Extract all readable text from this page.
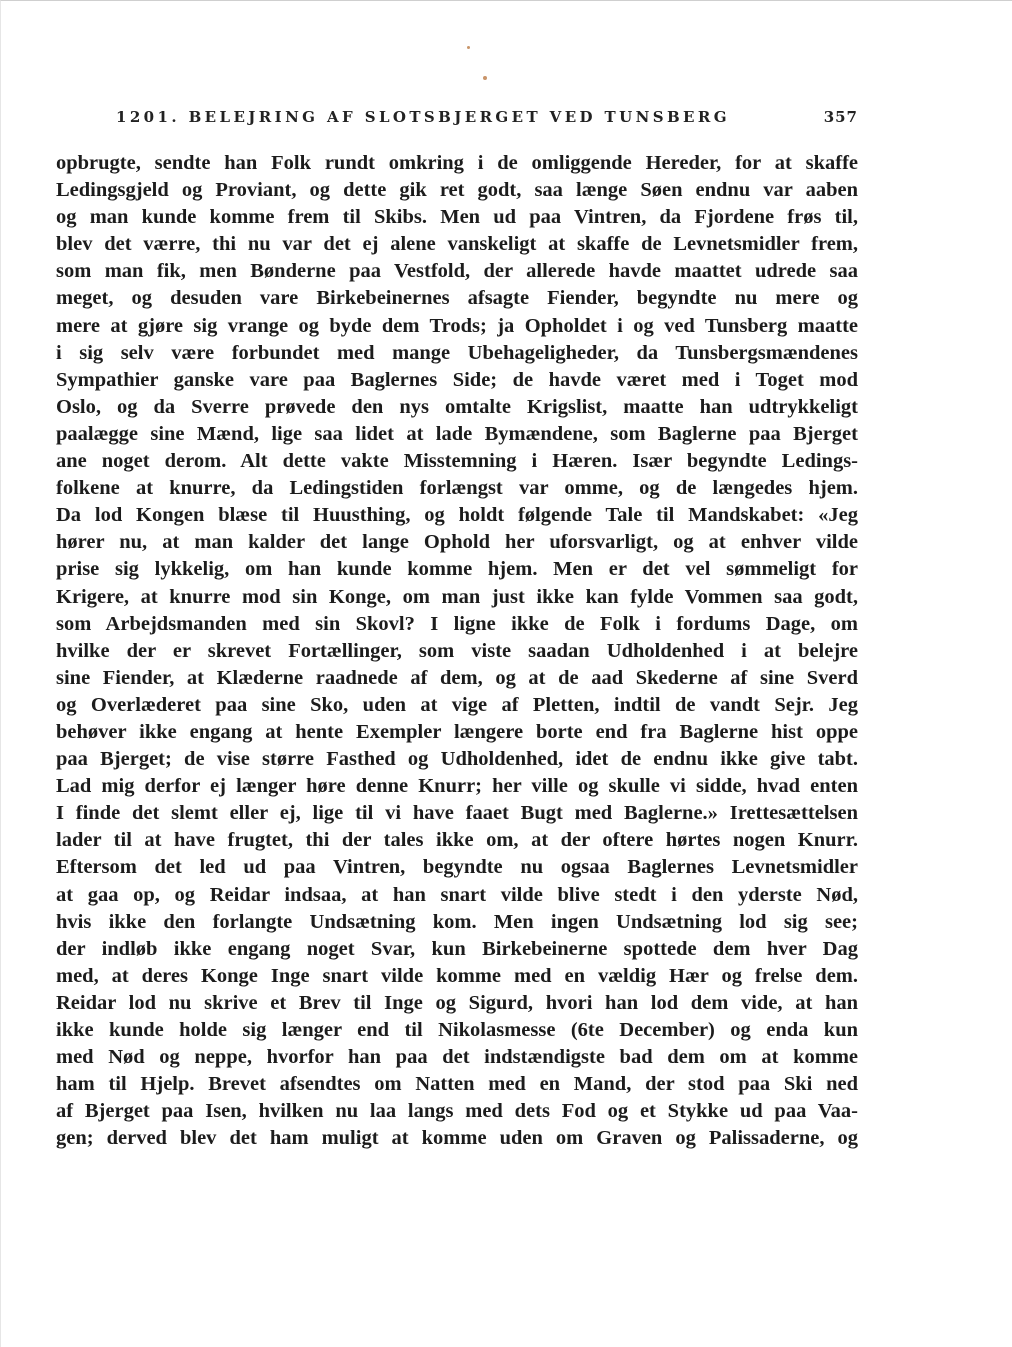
1201. BELEJRING AF SLOTSBJERGET VED TUNSBERG	357
opbrugte, sendte han Folk rundt omkring i de omliggende Hereder, for at skaffe
Ledingsgjeld og Proviant, og dette gik ret godt, saa længe Søen endnu var aaben
og man kunde komme frem til Skibs. Men ud paa Vintren, da Fjordene frøs til,
blev det værre, thi nu var det ej alene vanskeligt at skaffe de Levnetsmidler frem,
som man fik, men Bønderne paa Vestfold, der allerede havde maattet udrede saa
meget, og desuden vare Birkebeinernes afsagte Fiender, begyndte nu mere og
mere at gjøre sig vrange og byde dem Trods; ja Opholdet i og ved Tunsberg maatte
i sig selv være forbundet med mange Ubehageligheder, da Tunsbergsmændenes
Sympathier ganske vare paa Baglernes Side; de havde været med i Toget mod
Oslo, og da Sverre prøvede den nys omtalte Krigslist, maatte han udtrykkeligt
paalægge sine Mænd, lige saa lidet at lade Bymændene, som Baglerne paa Bjerget
ane noget derom. Alt dette vakte Misstemning i Hæren. Især begyndte Ledings-
folkene at knurre, da Ledingstiden forlængst var omme, og de længedes hjem.
Da lod Kongen blæse til Huusthing, og holdt følgende Tale til Mandskabet: «Jeg
hører nu, at man kalder det lange Ophold her uforsvarligt, og at enhver vilde
prise sig lykkelig, om han kunde komme hjem. Men er det vel sømmeligt for
Krigere, at knurre mod sin Konge, om man just ikke kan fylde Vommen saa godt,
som Arbejdsmanden med sin Skovl? I ligne ikke de Folk i fordums Dage, om
hvilke der er skrevet Fortællinger, som viste saadan Udholdenhed i at belejre
sine Fiender, at Klæderne raadnede af dem, og at de aad Skederne af sine Sverd
og Overlæderet paa sine Sko, uden at vige af Pletten, indtil de vandt Sejr. Jeg
behøver ikke engang at hente Exempler længere borte end fra Baglerne hist oppe
paa Bjerget; de vise større Fasthed og Udholdenhed, idet de endnu ikke give tabt.
Lad mig derfor ej længer høre denne Knurr; her ville og skulle vi sidde, hvad enten
I finde det slemt eller ej, lige til vi have faaet Bugt med Baglerne.» Irettesættelsen
lader til at have frugtet, thi der tales ikke om, at der oftere hørtes nogen Knurr.
Eftersom det led ud paa Vintren, begyndte nu ogsaa Baglernes Levnetsmidler
at gaa op, og Reidar indsaa, at han snart vilde blive stedt i den yderste Nød,
hvis ikke den forlangte Undsætning kom. Men ingen Undsætning lod sig see;
der indløb ikke engang noget Svar, kun Birkebeinerne spottede dem hver Dag
med, at deres Konge Inge snart vilde komme med en vældig Hær og frelse dem.
Reidar lod nu skrive et Brev til Inge og Sigurd, hvori han lod dem vide, at han
ikke kunde holde sig længer end til Nikolasmesse (6te December) og enda kun
med Nød og neppe, hvorfor han paa det indstændigste bad dem om at komme
ham til Hjelp. Brevet afsendtes om Natten med en Mand, der stod paa Ski ned
af Bjerget paa Isen, hvilken nu laa langs med dets Fod og et Stykke ud paa Vaa-
gen; derved blev det ham muligt at komme uden om Graven og Palissaderne, og
